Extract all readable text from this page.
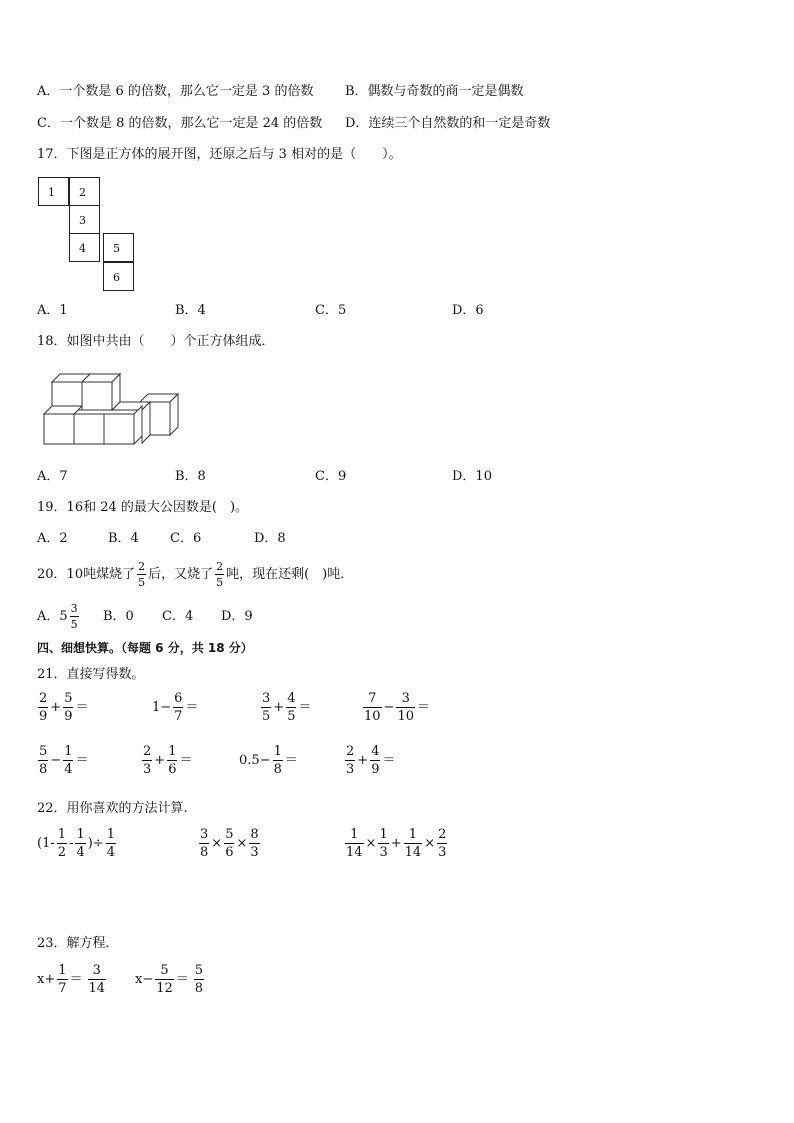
A．一个数是 6 的倍数，那么它一定是 3 的倍数 B．偶数与奇数的商一定是偶数
C．一个数是 8 的倍数，那么它一定是 24 的倍数 D．连续三个自然数的和一定是奇数
17．下图是正方体的展开图，还原之后与 3 相对的是（　　）。
1	2
3
4	5
6
A．1	B．4	C．5	D．6
18．如图中共由（　　）个正方体组成．
A．7	B．8	C．9	D．10
19．16和 24 的最大公因数是(　)。
A．2	B．4 C．6	D．8
20．10吨煤烧了 $\frac{2}{5}$ 后，又烧了 $\frac{2}{5}$ 吨，现在还剩(　)吨．
A．$5 \frac{3}{5}$ B．0 C．4 D．9
四、细想快算。（每题 6 分，共 18 分）
21．直接写得数。
$\frac{2}{9} + \frac{5}{9}$ ＝	$1- \frac{6}{7}$ ＝	$\frac{3}{5} + \frac{4}{5}$ ＝	$\frac{7}{10} - \frac{3}{10}$ ＝
$\frac{5}{8} - \frac{1}{4}$ ＝	$\frac{2}{3} + \frac{1}{6}$ ＝	$0.5- \frac{1}{8}$ ＝	$\frac{2}{3} + \frac{4}{9}$ ＝
22．用你喜欢的方法计算.
($1- \frac{1}{2} - \frac{1}{4}$ )÷ $\frac{1}{4}$	$\frac{3}{8} \times \frac{5}{6} \times \frac{8}{3}$	$\frac{1}{14} \times \frac{1}{3} + \frac{1}{14} \times \frac{2}{3}$
23．解方程．
$x+ \frac{1}{7} = \frac{3}{14} x- \frac{5}{12} = \frac{5}{8}$
